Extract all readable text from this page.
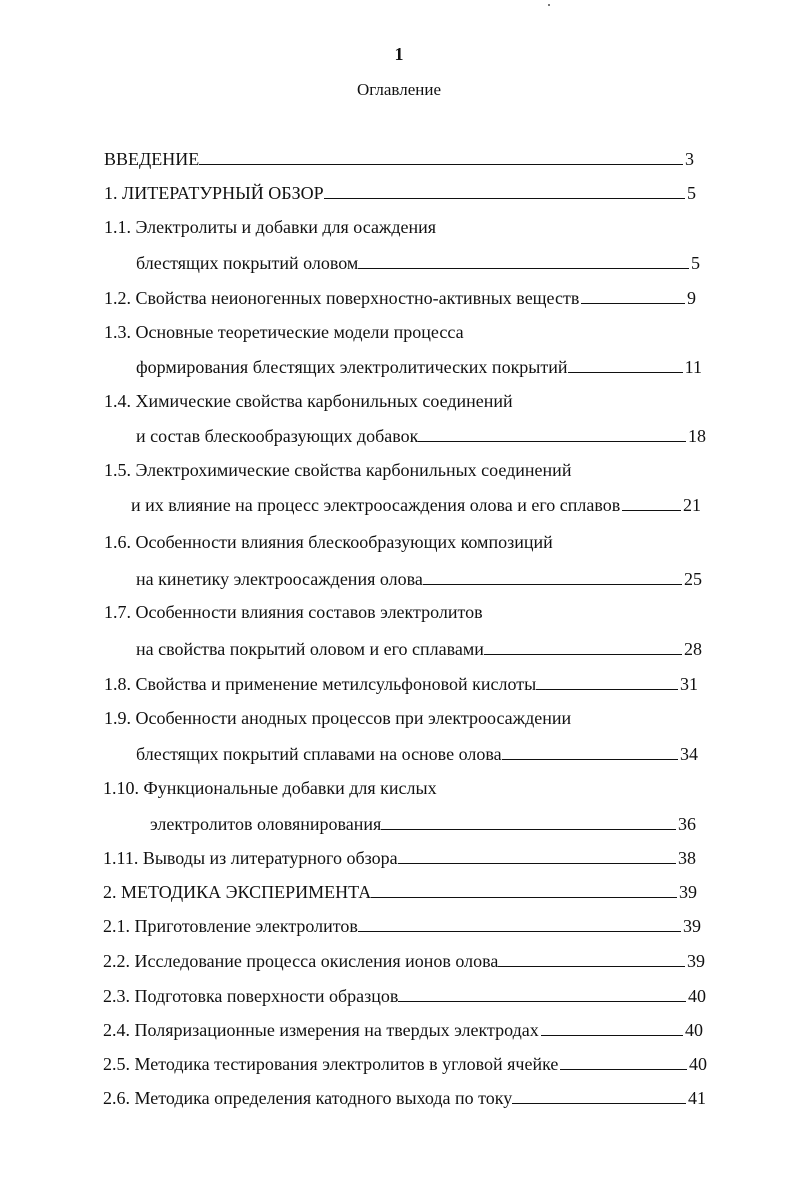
1
Оглавление
ВВЕДЕНИЕ	3
1. ЛИТЕРАТУРНЫЙ ОБЗОР	5
1.1. Электролиты и добавки для осаждения
блестящих покрытий оловом	5
1.2. Свойства неионогенных поверхностно-активных веществ	9
1.3. Основные теоретические модели процесса
формирования блестящих электролитических покрытий	11
1.4. Химические свойства карбонильных соединений
и состав блескообразующих добавок	18
1.5. Электрохимические свойства карбонильных соединений
и их влияние на процесс электроосаждения олова и его сплавов	21
1.6. Особенности влияния блескообразующих композиций
на кинетику электроосаждения олова	25
1.7. Особенности влияния составов электролитов
на свойства покрытий оловом и его сплавами	28
1.8. Свойства и применение метилсульфоновой кислоты	31
1.9. Особенности анодных процессов при электроосаждении
блестящих покрытий сплавами на основе олова	34
1.10. Функциональные добавки для кислых
электролитов оловянирования	36
1.11. Выводы из литературного обзора	38
2. МЕТОДИКА ЭКСПЕРИМЕНТА	39
2.1. Приготовление электролитов	39
2.2. Исследование процесса окисления ионов олова	39
2.3. Подготовка поверхности образцов	40
2.4. Поляризационные измерения на твердых электродах	40
2.5. Методика тестирования электролитов в угловой ячейке	40
2.6. Методика определения катодного выхода по току	41
